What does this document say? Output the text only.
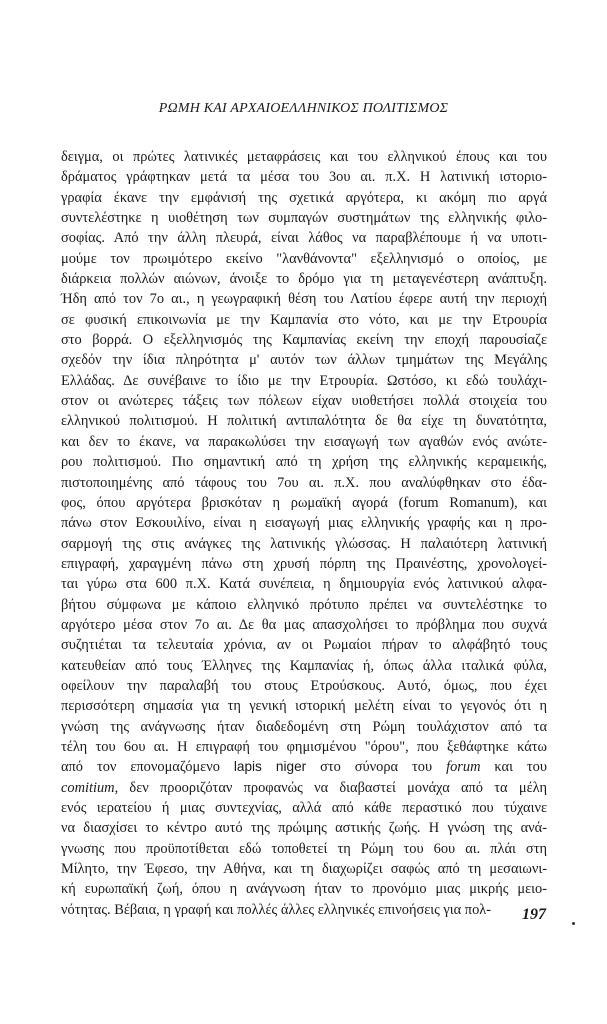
ΡΩΜΗ ΚΑΙ ΑΡΧΑΙΟΕΛΛΗΝΙΚΟΣ ΠΟΛΙΤΙΣΜΟΣ
δειγμα, οι πρώτες λατινικές μεταφράσεις και του ελληνικού έπους και του
δράματος γράφτηκαν μετά τα μέσα του 3ου αι. π.Χ. Η λατινική ιστοριο-
γραφία έκανε την εμφάνισή της σχετικά αργότερα, κι ακόμη πιο αργά
συντελέστηκε η υιοθέτηση των συμπαγών συστημάτων της ελληνικής φιλο-
σοφίας. Από την άλλη πλευρά, είναι λάθος να παραβλέπουμε ή να υποτι-
μούμε τον πρωιμότερο εκείνο "λανθάνοντα" εξελληνισμό ο οποίος, με
διάρκεια πολλών αιώνων, άνοιξε το δρόμο για τη μεταγενέστερη ανάπτυξη.
Ήδη από τον 7ο αι., η γεωγραφική θέση του Λατίου έφερε αυτή την περιοχή
σε φυσική επικοινωνία με την Καμπανία στο νότο, και με την Ετρουρία
στο βορρά. Ο εξελληνισμός της Καμπανίας εκείνη την εποχή παρουσίαζε
σχεδόν την ίδια πληρότητα μ' αυτόν των άλλων τμημάτων της Μεγάλης
Ελλάδας. Δε συνέβαινε το ίδιο με την Ετρουρία. Ωστόσο, κι εδώ τουλάχι-
στον οι ανώτερες τάξεις των πόλεων είχαν υιοθετήσει πολλά στοιχεία του
ελληνικού πολιτισμού. Η πολιτική αντιπαλότητα δε θα είχε τη δυνατότητα,
και δεν το έκανε, να παρακωλύσει την εισαγωγή των αγαθών ενός ανώτε-
ρου πολιτισμού. Πιο σημαντική από τη χρήση της ελληνικής κεραμεικής,
πιστοποιημένης από τάφους του 7ου αι. π.Χ. που αναλύφθηκαν στο έδα-
φος, όπου αργότερα βρισκόταν η ρωμαϊκή αγορά (forum Romanum), και
πάνω στον Εσκουιλίνο, είναι η εισαγωγή μιας ελληνικής γραφής και η προ-
σαρμογή της στις ανάγκες της λατινικής γλώσσας. Η παλαιότερη λατινική
επιγραφή, χαραγμένη πάνω στη χρυσή πόρπη της Πραινέστης, χρονολογεί-
ται γύρω στα 600 π.Χ. Κατά συνέπεια, η δημιουργία ενός λατινικού αλφα-
βήτου σύμφωνα με κάποιο ελληνικό πρότυπο πρέπει να συντελέστηκε το
αργότερο μέσα στον 7ο αι. Δε θα μας απασχολήσει το πρόβλημα που συχνά
συζητιέται τα τελευταία χρόνια, αν οι Ρωμαίοι πήραν το αλφάβητό τους
κατευθείαν από τους Έλληνες της Καμπανίας ή, όπως άλλα ιταλικά φύλα,
οφείλουν την παραλαβή του στους Ετρούσκους. Αυτό, όμως, που έχει
περισσότερη σημασία για τη γενική ιστορική μελέτη είναι το γεγονός ότι η
γνώση της ανάγνωσης ήταν διαδεδομένη στη Ρώμη τουλάχιστον από τα
τέλη του 6ου αι. Η επιγραφή του φημισμένου "όρου", που ξεθάφτηκε κάτω
από τον επονομαζόμενο lapis niger στο σύνορα του forum και του
comitium, δεν προοριζόταν προφανώς να διαβαστεί μονάχα από τα μέλη
ενός ιερατείου ή μιας συντεχνίας, αλλά από κάθε περαστικό που τύχαινε
να διασχίσει το κέντρο αυτό της πρώιμης αστικής ζωής. Η γνώση της ανά-
γνωσης που προϋποτίθεται εδώ τοποθετεί τη Ρώμη του 6ου αι. πλάι στη
Μίλητο, την Έφεσο, την Αθήνα, και τη διαχωρίζει σαφώς από τη μεσαιωνι-
κή ευρωπαϊκή ζωή, όπου η ανάγνωση ήταν το προνόμιο μιας μικρής μειο-
νότητας. Βέβαια, η γραφή και πολλές άλλες ελληνικές επινοήσεις για πολ-	197
